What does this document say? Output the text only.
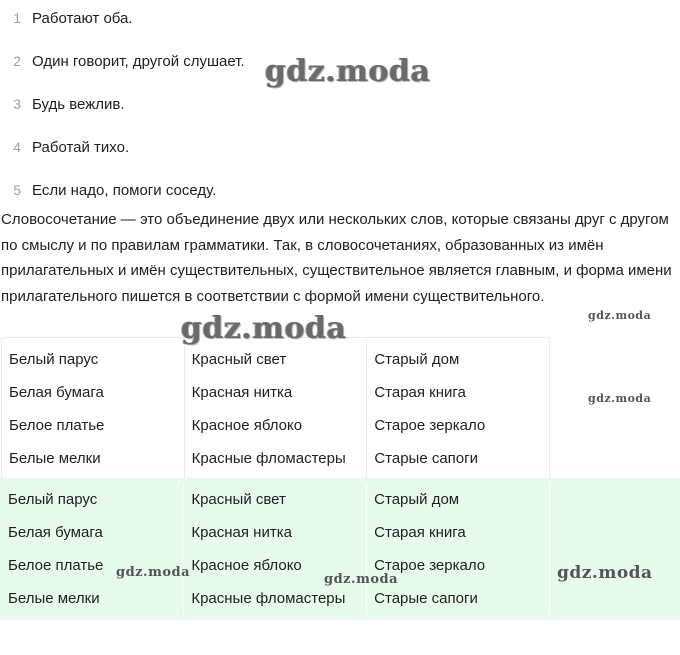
1 Работают оба.
2 Один говорит, другой слушает.
3 Будь вежлив.
4 Работай тихо.
5 Если надо, помоги соседу.

Словосочетание — это объединение двух или нескольких слов, которые связаны друг с другом по смыслу и по правилам грамматики. Так, в словосочетаниях, образованных из имён прилагательных и имён существительных, существительное является главным, и форма имени прилагательного пишется в соответствии с формой имени существительного.

Белый парус	Красный свет	Старый дом
Белая бумага	Красная нитка	Старая книга
Белое платье	Красное яблоко	Старое зеркало
Белые мелки	Красные фломастеры	Старые сапоги
Белый парус	Красный свет	Старый дом
Белая бумага	Красная нитка	Старая книга
Белое платье	Красное яблоко	Старое зеркало
Белые мелки	Красные фломастеры	Старые сапоги
gdz.moda
gdz.moda	gdz.moda
gdz.moda
gdz.moda	gdz.moda	gdz.moda
